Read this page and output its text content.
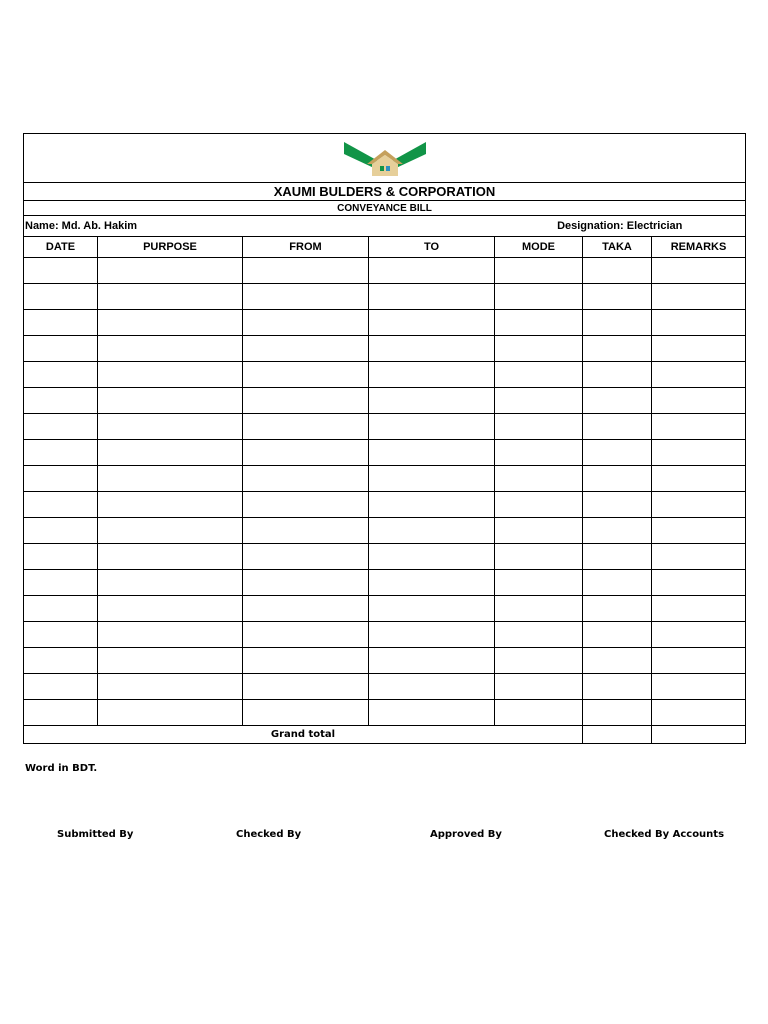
XAUMI BULDERS & CORPORATION						
CONVEYANCE BILL						

Name: Md. Ab. Hakim Designation: Electrician						
DATE	PURPOSE	FROM	TO	MODE	TAKA	REMARKS

Grand total						
Word in BDT.
Submitted By	Checked By	Approved By	Checked By Accounts
